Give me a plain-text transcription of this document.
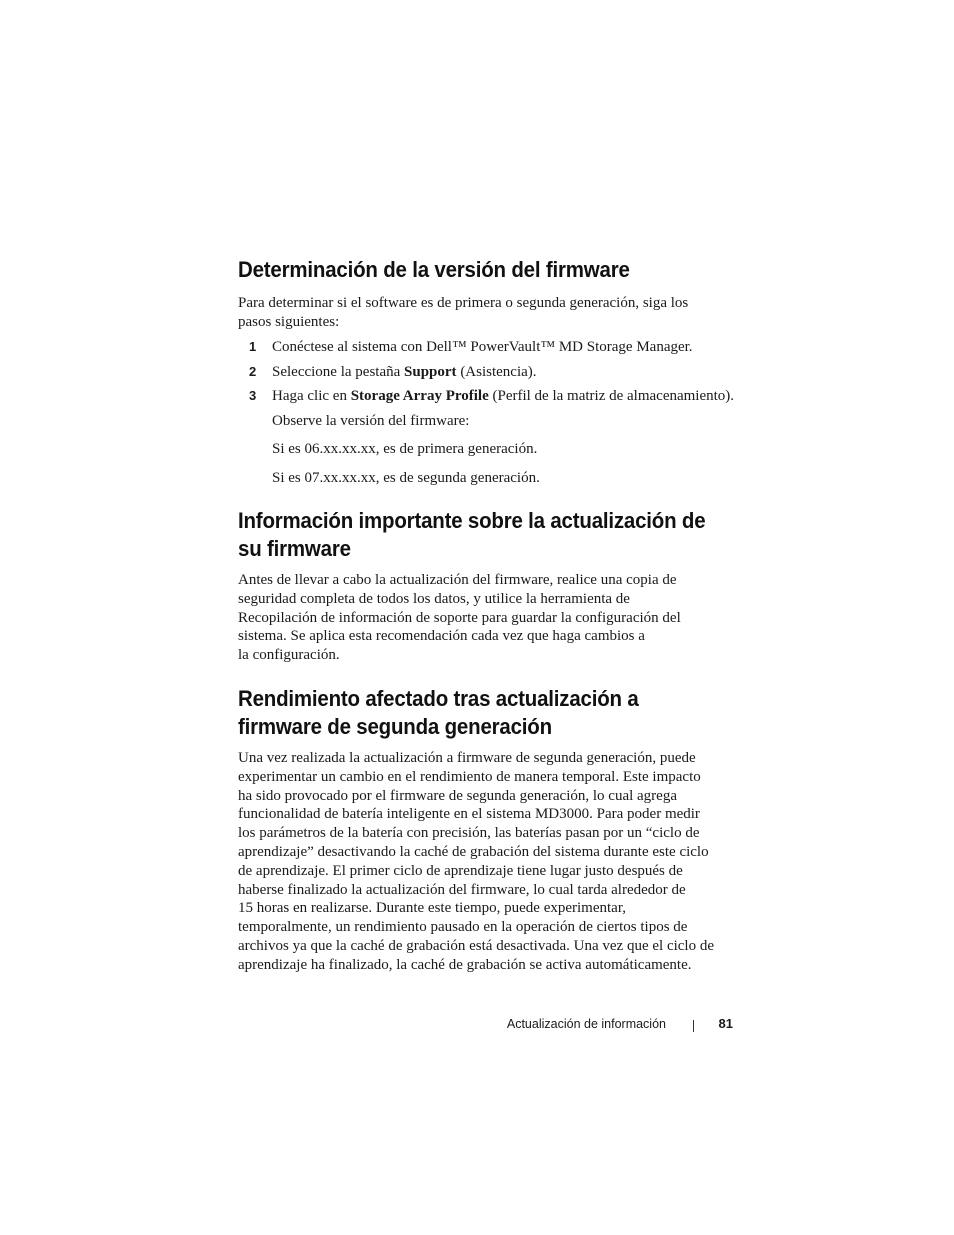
Determinación de la versión del firmware

Para determinar si el software es de primera o segunda generación, siga los
pasos siguientes:

1 Conéctese al sistema con Dell™ PowerVault™ MD Storage Manager.
2 Seleccione la pestaña Support (Asistencia).
3 Haga clic en Storage Array Profile (Perfil de la matriz de almacenamiento).
Observe la versión del firmware:
Si es 06.xx.xx.xx, es de primera generación.
Si es 07.xx.xx.xx, es de segunda generación.
Información importante sobre la actualización de
su firmware

Antes de llevar a cabo la actualización del firmware, realice una copia de
seguridad completa de todos los datos, y utilice la herramienta de
Recopilación de información de soporte para guardar la configuración del
sistema. Se aplica esta recomendación cada vez que haga cambios a
la configuración.

Rendimiento afectado tras actualización a
firmware de segunda generación

Una vez realizada la actualización a firmware de segunda generación, puede
experimentar un cambio en el rendimiento de manera temporal. Este impacto
ha sido provocado por el firmware de segunda generación, lo cual agrega
funcionalidad de batería inteligente en el sistema MD3000. Para poder medir
los parámetros de la batería con precisión, las baterías pasan por un “ciclo de
aprendizaje” desactivando la caché de grabación del sistema durante este ciclo
de aprendizaje. El primer ciclo de aprendizaje tiene lugar justo después de
haberse finalizado la actualización del firmware, lo cual tarda alrededor de
15 horas en realizarse. Durante este tiempo, puede experimentar,
temporalmente, un rendimiento pausado en la operación de ciertos tipos de
archivos ya que la caché de grabación está desactivada. Una vez que el ciclo de
aprendizaje ha finalizado, la caché de grabación se activa automáticamente.

Actualización de información	81
